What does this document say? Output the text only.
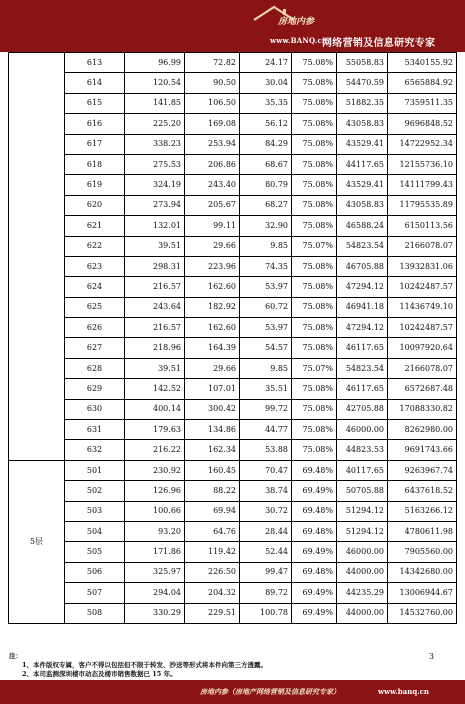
房地内参
www.BANQ.cn
网络营销及信息研究专家
	613	96.99	72.82	24.17	75.08%	55058.83	5340155.92
	614	120.54	90.50	30.04	75.08%	54470.59	6565884.92
	615	141.85	106.50	35.35	75.08%	51882.35	7359511.35
	616	225.20	169.08	56.12	75.08%	43058.83	9696848.52
	617	338.23	253.94	84.29	75.08%	43529.41	14722952.34
	618	275.53	206.86	68.67	75.08%	44117.65	12155736.10
	619	324.19	243.40	80.79	75.08%	43529.41	14111799.43
	620	273.94	205.67	68.27	75.08%	43058.83	11795535.89
	621	132.01	99.11	32.90	75.08%	46588.24	6150113.56
	622	39.51	29.66	9.85	75.07%	54823.54	2166078.07
	623	298.31	223.96	74.35	75.08%	46705.88	13932831.06
	624	216.57	162.60	53.97	75.08%	47294.12	10242487.57
	625	243.64	182.92	60.72	75.08%	46941.18	11436749.10
	626	216.57	162.60	53.97	75.08%	47294.12	10242487.57
	627	218.96	164.39	54.57	75.08%	46117.65	10097920.64
	628	39.51	29.66	9.85	75.07%	54823.54	2166078.07
	629	142.52	107.01	35.51	75.08%	46117.65	6572687.48
	630	400.14	300.42	99.72	75.08%	42705.88	17088330.82
	631	179.63	134.86	44.77	75.08%	46000.00	8262980.00
	632	216.22	162.34	53.88	75.08%	44823.53	9691743.66
5层	501	230.92	160.45	70.47	69.48%	40117.65	9263967.74
	502	126.96	88.22	38.74	69.49%	50705.88	6437618.52
	503	100.66	69.94	30.72	69.48%	51294.12	5163266.12
	504	93.20	64.76	28.44	69.48%	51294.12	4780611.98
	505	171.86	119.42	52.44	69.49%	46000.00	7905560.00
	506	325.97	226.50	99.47	69.48%	44000.00	14342680.00
	507	294.04	204.32	89.72	69.49%	44235.29	13006944.67
	508	330.29	229.51	100.78	69.49%	44000.00	14532760.00
注：
1、本件版权专属，客户不得以包括但不限于转发、抄送等形式将本件向第三方透露。
2、本司监测深圳楼市动态及楼市销售数据已 15 年。
3
房地内参（房地产网络营销及信息研究专家）	www.banq.cn
